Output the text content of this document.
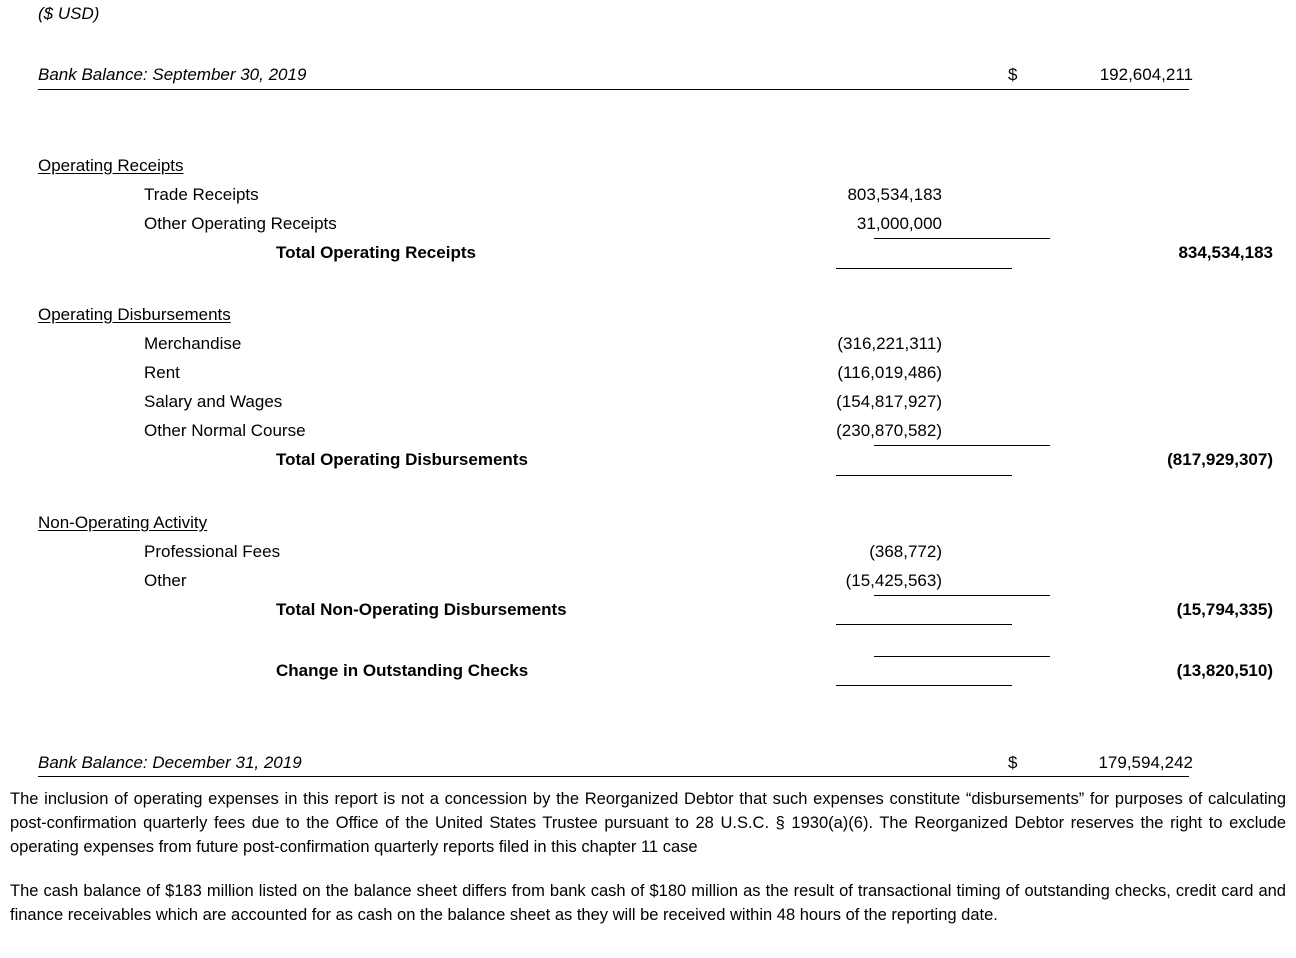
($ USD)
Bank Balance: September 30, 2019	$	192,604,211
Operating Receipts
Trade Receipts	803,534,183
Other Operating Receipts	31,000,000
Total Operating Receipts	834,534,183
Operating Disbursements
Merchandise	(316,221,311)
Rent	(116,019,486)
Salary and Wages	(154,817,927)
Other Normal Course	(230,870,582)
Total Operating Disbursements	(817,929,307)
Non-Operating Activity
Professional Fees	(368,772)
Other	(15,425,563)
Total Non-Operating Disbursements	(15,794,335)
Change in Outstanding Checks	(13,820,510)
Bank Balance: December 31, 2019	$	179,594,242

The inclusion of operating expenses in this report is not a concession by the Reorganized Debtor that such expenses constitute “disbursements” for purposes of calculating post-confirmation quarterly fees due to the Office of the United States Trustee pursuant to 28 U.S.C. § 1930(a)(6). The Reorganized Debtor reserves the right to exclude operating expenses from future post-confirmation quarterly reports filed in this chapter 11 case

The cash balance of $183 million listed on the balance sheet differs from bank cash of $180 million as the result of transactional timing of outstanding checks, credit card and finance receivables which are accounted for as cash on the balance sheet as they will be received within 48 hours of the reporting date.
